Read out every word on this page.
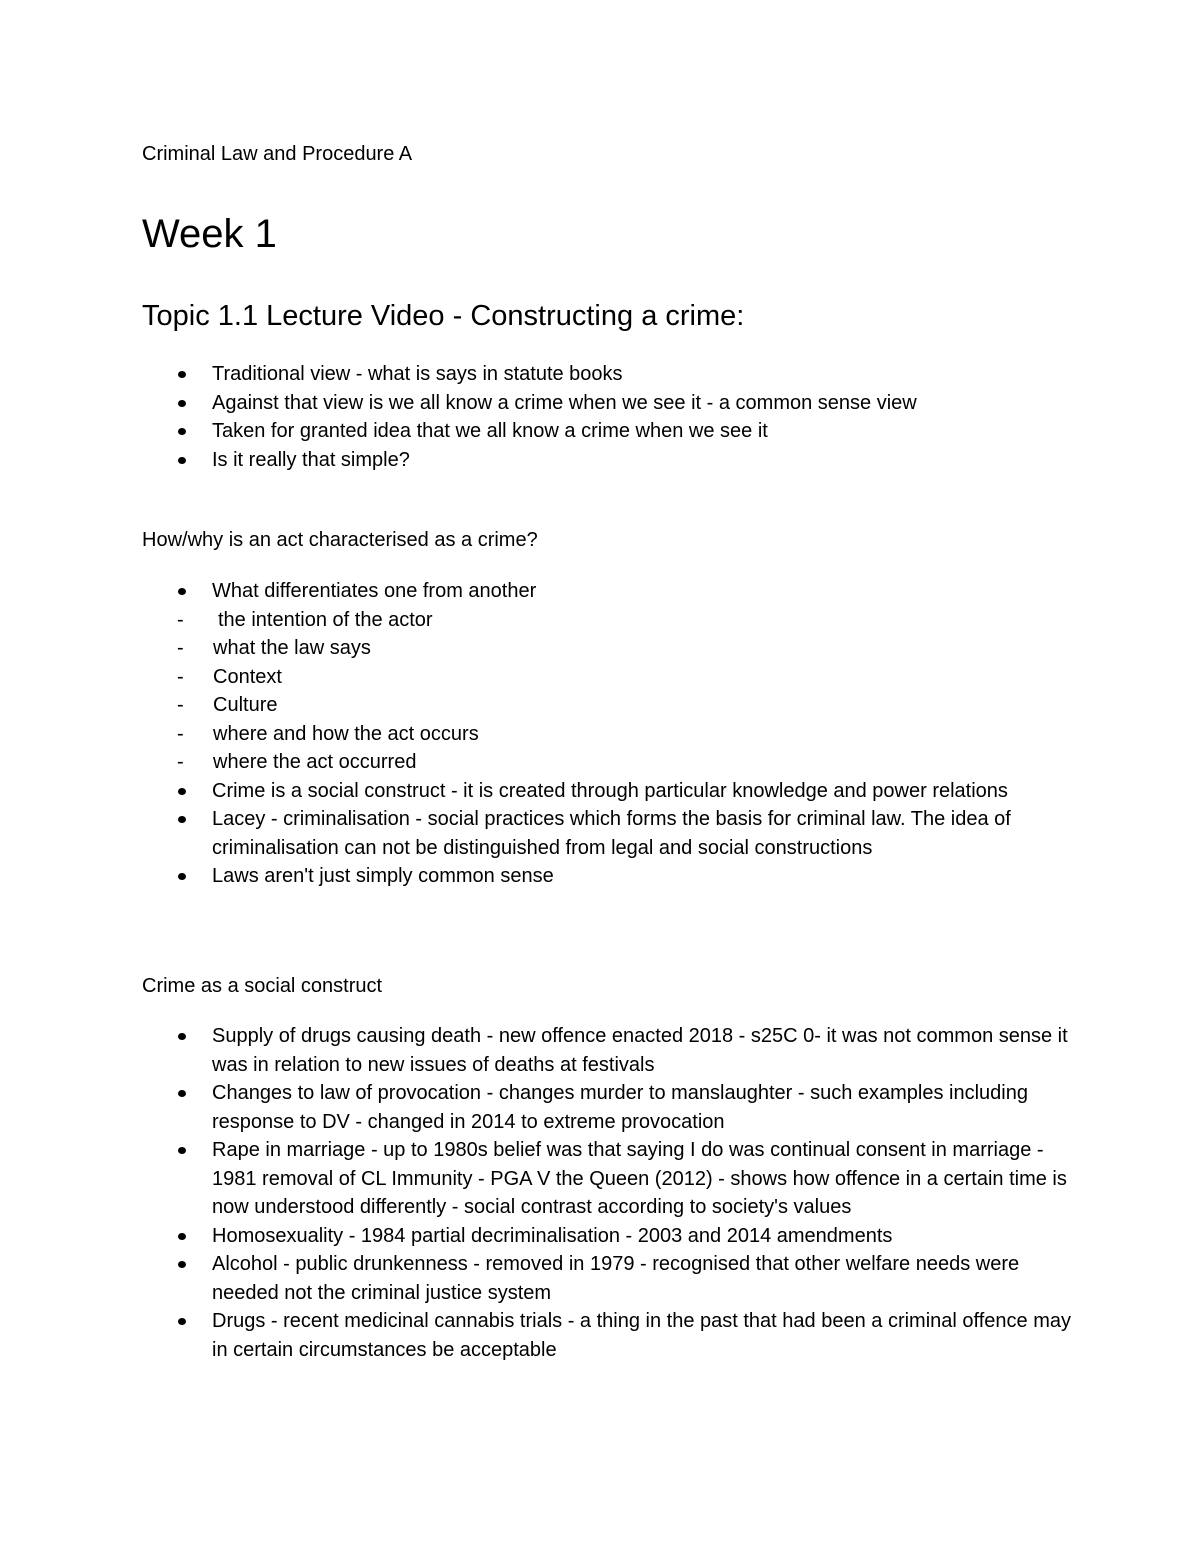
Criminal Law and Procedure A
Week 1
Topic 1.1 Lecture Video - Constructing a crime:
Traditional view - what is says in statute books
Against that view is we all know a crime when we see it - a common sense view
Taken for granted idea that we all know a crime when we see it
Is it really that simple?
How/why is an act characterised as a crime?
What differentiates one from another
- the intention of the actor
- what the law says
- Context
- Culture
- where and how the act occurs
- where the act occurred
Crime is a social construct - it is created through particular knowledge and power relations
Lacey - criminalisation - social practices which forms the basis for criminal law. The idea of criminalisation can not be distinguished from legal and social constructions
Laws aren't just simply common sense
Crime as a social construct
Supply of drugs causing death - new offence enacted 2018 - s25C 0- it was not common sense it was in relation to new issues of deaths at festivals
Changes to law of provocation - changes murder to manslaughter - such examples including response to DV - changed in 2014 to extreme provocation
Rape in marriage - up to 1980s belief was that saying I do was continual consent in marriage - 1981 removal of CL Immunity - PGA V the Queen (2012) - shows how offence in a certain time is now understood differently - social contrast according to society's values
Homosexuality - 1984 partial decriminalisation - 2003 and 2014 amendments
Alcohol - public drunkenness - removed in 1979 - recognised that other welfare needs were needed not the criminal justice system
Drugs - recent medicinal cannabis trials - a thing in the past that had been a criminal offence may in certain circumstances be acceptable
